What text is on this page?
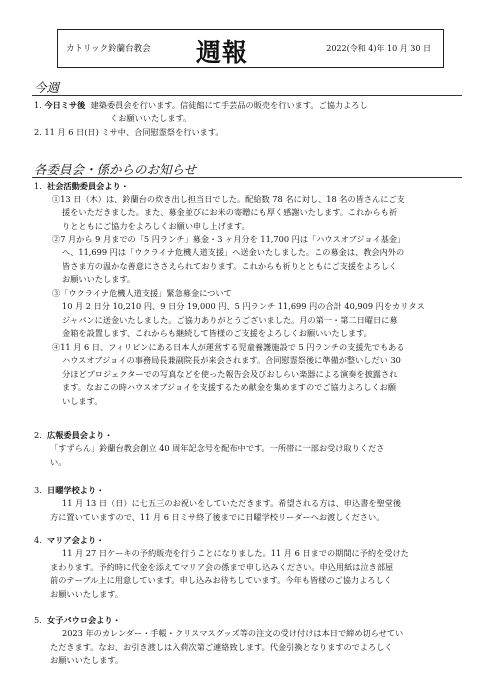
カトリック鈴蘭台教会 週報	2022(令和 4)年 10 月 30 日
今週

1. 今日ミサ後 建築委員会を行います。信徒館にて手芸品の販売を行います。ご協力よろし

くお願いいたします。

2. 11 月 6 日(日) ミサ中、合同慰霊祭を行います。

各委員会・係からのお知らせ

1. 社会活動委員会より・

①13 日（木）は、鈴蘭台の炊き出し担当日でした。配給数 78 名に対し、18 名の皆さんにご支

援をいただきました。また、募金並びにお米の寄贈にも厚く感謝いたします。これからも祈

りとともにご協力をよろしくお願い申し上げます。

②7 月から 9 月までの「5 円ランチ」募金・3 ヶ月分を 11,700 円は「ハウスオブジョイ基金」

へ、11,699 円は「ウクライナ危機人道支援」へ送金いたしました。この募金は、教会内外の

皆さま方の温かな善意にささえられております。これからも祈りとともにご支援をよろしく

お願いいたします。

③「ウクライナ危機人道支援」緊急募金について

10 月 2 日分 10,210 円、9 日分 19,000 円、5 円ランチ 11,699 円の合計 40,909 円をカリタス

ジャパンに送金いたしました。ご協力ありがとうございました。月の第一・第二日曜日に募

金箱を設置します、これからも継続して皆様のご支援をよろしくお願いいたします。

④11 月 6 日、フィリピンにある日本人が運営する児童養護施設で 5 円ランチの支援先でもある

ハウスオブジョイの事務局長兼副院長が来会されます。合同慰霊祭後に準備が整いしだい 30

分ほどプロジェクターでの写真などを使った報告会及びおしらい楽器による演奏を披露され

ます。なおこの時ハウスオブジョイを支援するため献金を集めますのでご協力よろしくお願

いします。

2. 広報委員会より・

「すずらん」鈴蘭台教会創立 40 周年記念号を配布中です。一所帯に一部お受け取りくださ

い。

3. 日曜学校より・

11 月 13 日（日）に七五三のお祝いをしていただきます。希望される方は、申込書を聖堂後

方に置いていますので、11 月 6 日ミサ終了後までに日曜学校リーダーへお渡しください。

4. マリア会より・

11 月 27 日ケーキの予約販売を行うことになりました。11 月 6 日までの期間に予約を受けた

まわります。予約時に代金を添えてマリア会の係まで申し込みください。申込用紙は泣き部屋

前のテーブル上に用意しています。申し込みお待ちしています。今年も皆様のご協力よろしく

お願いいたします。

5. 女子パウロ会より・

2023 年のカレンダー・手帳・クリスマスグッズ等の注文の受け付けは本日で締め切らせてい

ただきます。なお、お引き渡しは入荷次第ご連絡致します。代金引換となりますのでよろしく

お願いいたします。
